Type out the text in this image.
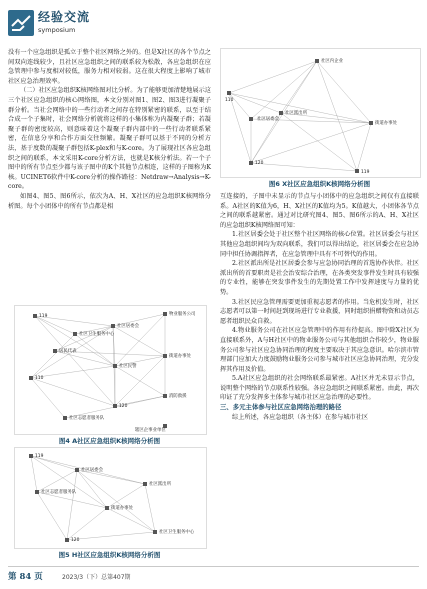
经验交流
symposium

没有一个应急组织是孤立于整个社区网络之外的。但是X社区的各个节点之间双向连线较少，且社区应急组织之间的联系较为松散，各应急组织在应急管理中参与度相对较低，服务力相对较弱。这在很大程度上影响了城市社区应急治理效率。

（二）社区应急组织K核网络图对比分析。为了能够更加清楚地展示这三个社区应急组织的核心网络图，本文分别对图1、图2、图3进行凝聚子群分析。当社会网络中的一些行动者之间存在特别紧密的联系，以至于结合成一个子集时，社会网络分析就将这样的小集体称为内凝聚子群；若凝聚子群的密度较高，则意味着这个凝聚子群内部中的一些行动者联系紧密，在信息分享和合作方面交往频繁。凝聚子群可以基于不同的分析方法，基于度数的凝聚子群包括K-plex和与K-core。为了展现社区各应急组织之间的联系，本文采用K-core分析方法，也就是K核分析法。若一个子图中的所有节点至少都与该子图中的K个其他节点相连，这样的子图称为K核。UCINET6软件中K-core分析的操作路径：Netdraw→Analysis→K-core。

如图4、图5、图6所示，依次为A、H、X社区的应急组织K核网络分析图。每个小团体中的所有节点都是相

119
社区卫生服务中心
社区居委会
居民代表
社区民警
街道办事处
物业服务公司
消防救援
120
110
社区志愿者服务队
辖区企事业单位
图4 A社区应急组织K核网络分析图
119
社区居委会
社区志愿者服务队
社区派出所
街道办事处
120
社区卫生服务中心
图5 H社区应急组织K核网络分析图
社区内企业
110
社区居委会
社区派出所
街道办事处
120
119
图6 X社区应急组织K核网络分析图

互连接的，子图中未显示的节点与小团体中的应急组织之间仅有直接联系。A社区的K值为6，H、X社区的K值均为5。K值越大，小团体各节点之间的联系越紧密。通过对比研究图4、图5、图6所示的A、H、X社区的应急组织K核网络图可知：

1.社区居委会处于社区整个社区网络的核心位置。社区居委会与社区其他应急组织间均为双向联系，我们可以得出结论，社区居委会在应急协同中担任协调指挥者，在应急管理中具有不可替代的作用。

2.社区派出所是社区居委会参与应急协同治理的首选协作伙伴。社区派出所的首要职责是社会治安综合治理，在各类突发事件发生时具有较强的专业性，能够在突发事件发生的先期处置工作中发挥速度与力量的优势。

3.社区民应急管理需要更加重视志愿者的作用。当危机发生时，社区志愿者可以第一时间赶到现场进行专业救援，同时组织捐赠物资和动员志愿者组织民众自救。

4.物业服务公司在社区应急管理中的作用有待提高。图中除X社区为直接联系外，A与H社区中的物业服务公司与其他组织合作较少，物业服务公司参与社区应急协同治理的程度主要取决于其应急意识。哈尔滨市管理部门应加大力度鼓励物业服务公司参与城市社区应急协同治理，充分发挥其作用及价值。

5.A社区应急组织的社会网络联系最紧密。A社区并无未显示节点，说明整个网络的节点联系性较强。各应急组织之间联系紧密。由此，再次印证了充分发挥多主体参与城市社区应急治理的必要性。

三、多元主体参与社区应急网络治理的路径

综上所述，各应急组织（各主体）在参与城市社区

第 84 页	2023/3（下）总第407期
